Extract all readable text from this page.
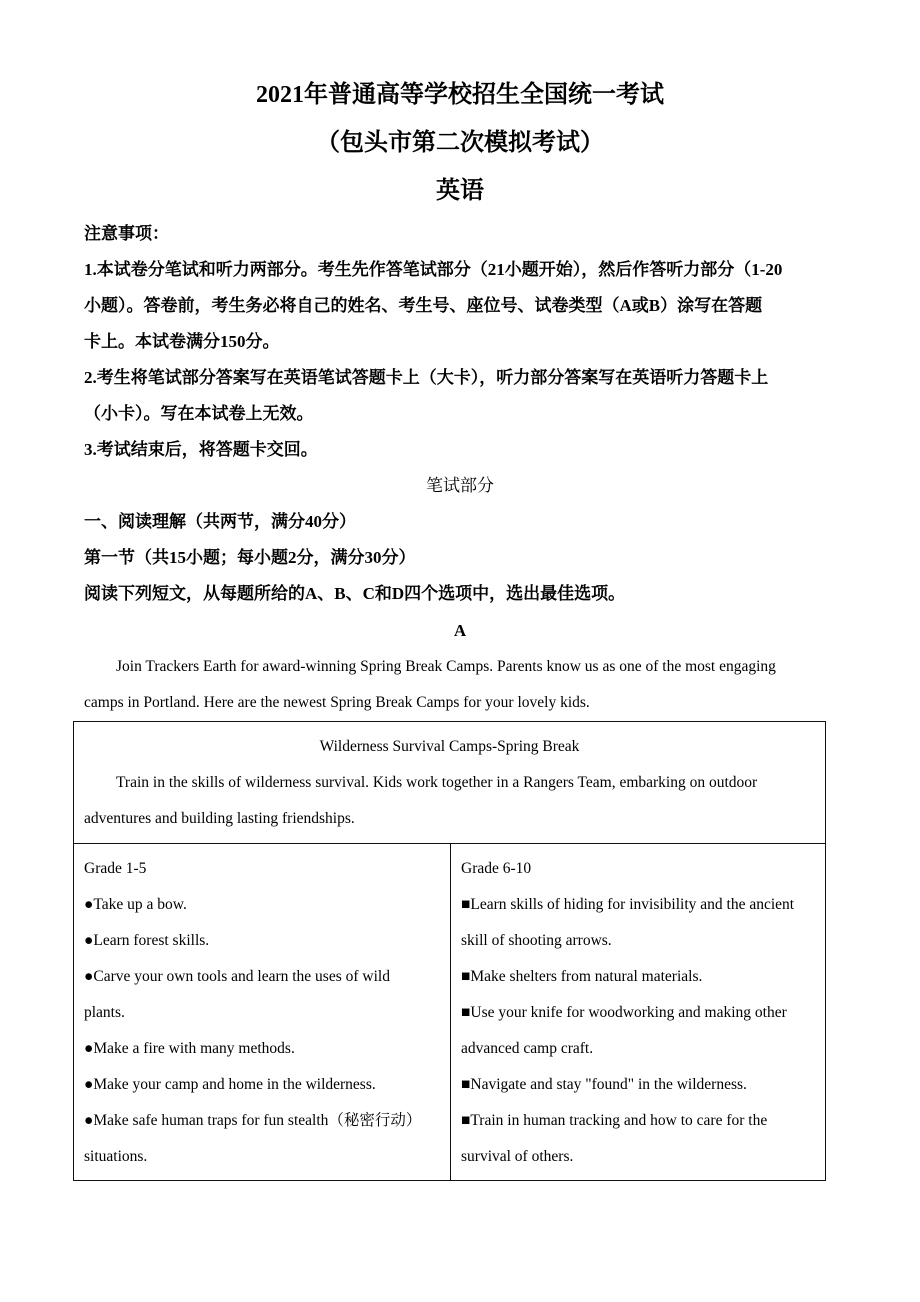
2021年普通高等学校招生全国统一考试
（包头市第二次模拟考试）
英语
注意事项：
1.本试卷分笔试和听力两部分。考生先作答笔试部分（21小题开始），然后作答听力部分（1-20
小题）。答卷前，考生务必将自己的姓名、考生号、座位号、试卷类型（A或B）涂写在答题
卡上。本试卷满分150分。
2.考生将笔试部分答案写在英语笔试答题卡上（大卡），听力部分答案写在英语听力答题卡上
（小卡）。写在本试卷上无效。
3.考试结束后，将答题卡交回。
笔试部分
一、阅读理解（共两节，满分40分）
第一节（共15小题；每小题2分，满分30分）
阅读下列短文，从每题所给的A、B、C和D四个选项中，选出最佳选项。
A
Join Trackers Earth for award-winning Spring Break Camps. Parents know us as one of the most engaging
camps in Portland. Here are the newest Spring Break Camps for your lovely kids.
Wilderness Survival Camps-Spring Break
Train in the skills of wilderness survival. Kids work together in a Rangers Team, embarking on outdoor
adventures and building lasting friendships.
Grade 1-5
●Take up a bow.
●Learn forest skills.
●Carve your own tools and learn the uses of wild
plants.
●Make a fire with many methods.
●Make your camp and home in the wilderness.
●Make safe human traps for fun stealth（秘密行动）
situations.
Grade 6-10
■Learn skills of hiding for invisibility and the ancient
skill of shooting arrows.
■Make shelters from natural materials.
■Use your knife for woodworking and making other
advanced camp craft.
■Navigate and stay "found" in the wilderness.
■Train in human tracking and how to care for the
survival of others.
